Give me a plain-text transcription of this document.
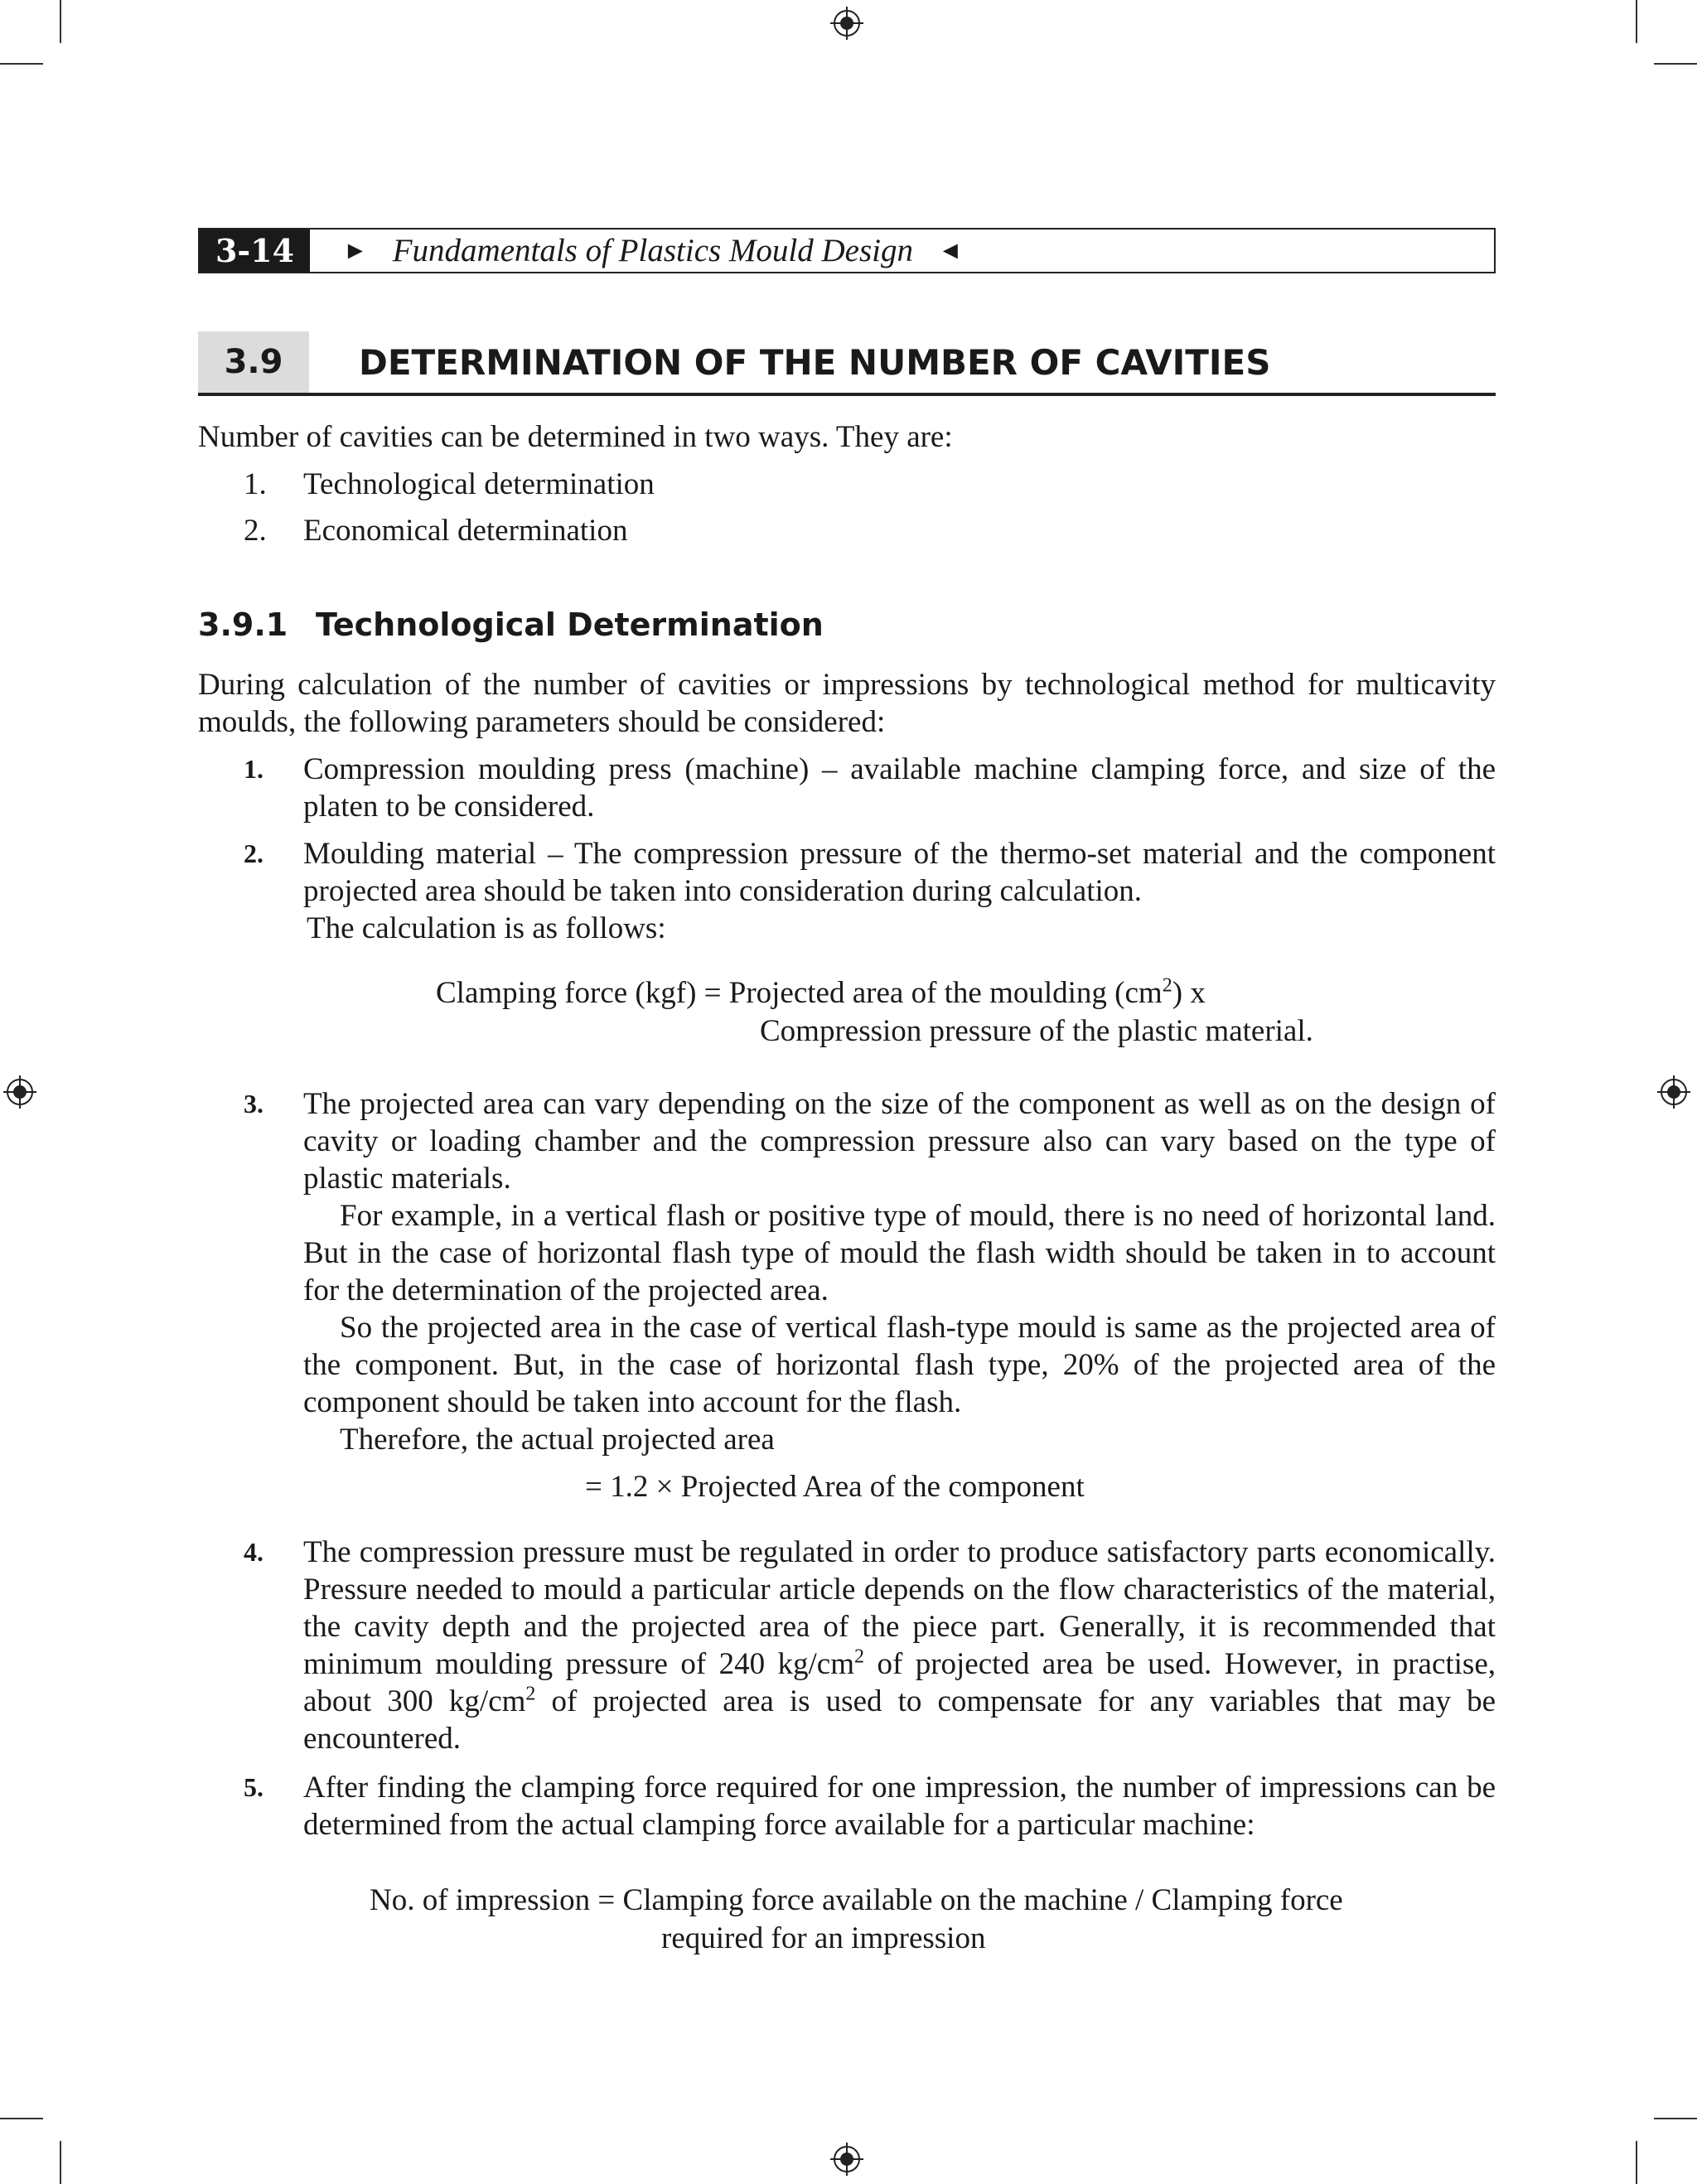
3-14	► Fundamentals of Plastics Mould Design ◄
3.9	DETERMINATION OF THE NUMBER OF CAVITIES
Number of cavities can be determined in two ways. They are:
1. Technological determination
2. Economical determination
3.9.1 Technological Determination
During calculation of the number of cavities or impressions by technological method for multicavity moulds, the following parameters should be considered:
1. Compression moulding press (machine) – available machine clamping force, and size of the platen to be considered.
2. Moulding material – The compression pressure of the thermo-set material and the component projected area should be taken into consideration during calculation.
The calculation is as follows:
Clamping force (kgf) = Projected area of the moulding $(cm^2)$ x
Compression pressure of the plastic material.
3. The projected area can vary depending on the size of the component as well as on the design of cavity or loading chamber and the compression pressure also can vary based on the type of plastic materials.
For example, in a vertical flash or positive type of mould, there is no need of horizontal land. But in the case of horizontal flash type of mould the flash width should be taken in to account for the determination of the projected area.
So the projected area in the case of vertical flash-type mould is same as the projected area of the component. But, in the case of horizontal flash type, 20% of the projected area of the component should be taken into account for the flash.
Therefore, the actual projected area
= 1.2 × Projected Area of the component
4. The compression pressure must be regulated in order to produce satisfactory parts economically. Pressure needed to mould a particular article depends on the flow characteristics of the material, the cavity depth and the projected area of the piece part. Generally, it is recommended that minimum moulding pressure of 240 $kg/cm^2$ of projected area be used. However, in practise, about 300 $kg/cm^2$ of projected area is used to compensate for any variables that may be encountered.
5. After finding the clamping force required for one impression, the number of impressions can be determined from the actual clamping force available for a particular machine:
No. of impression = Clamping force available on the machine / Clamping force
required for an impression
